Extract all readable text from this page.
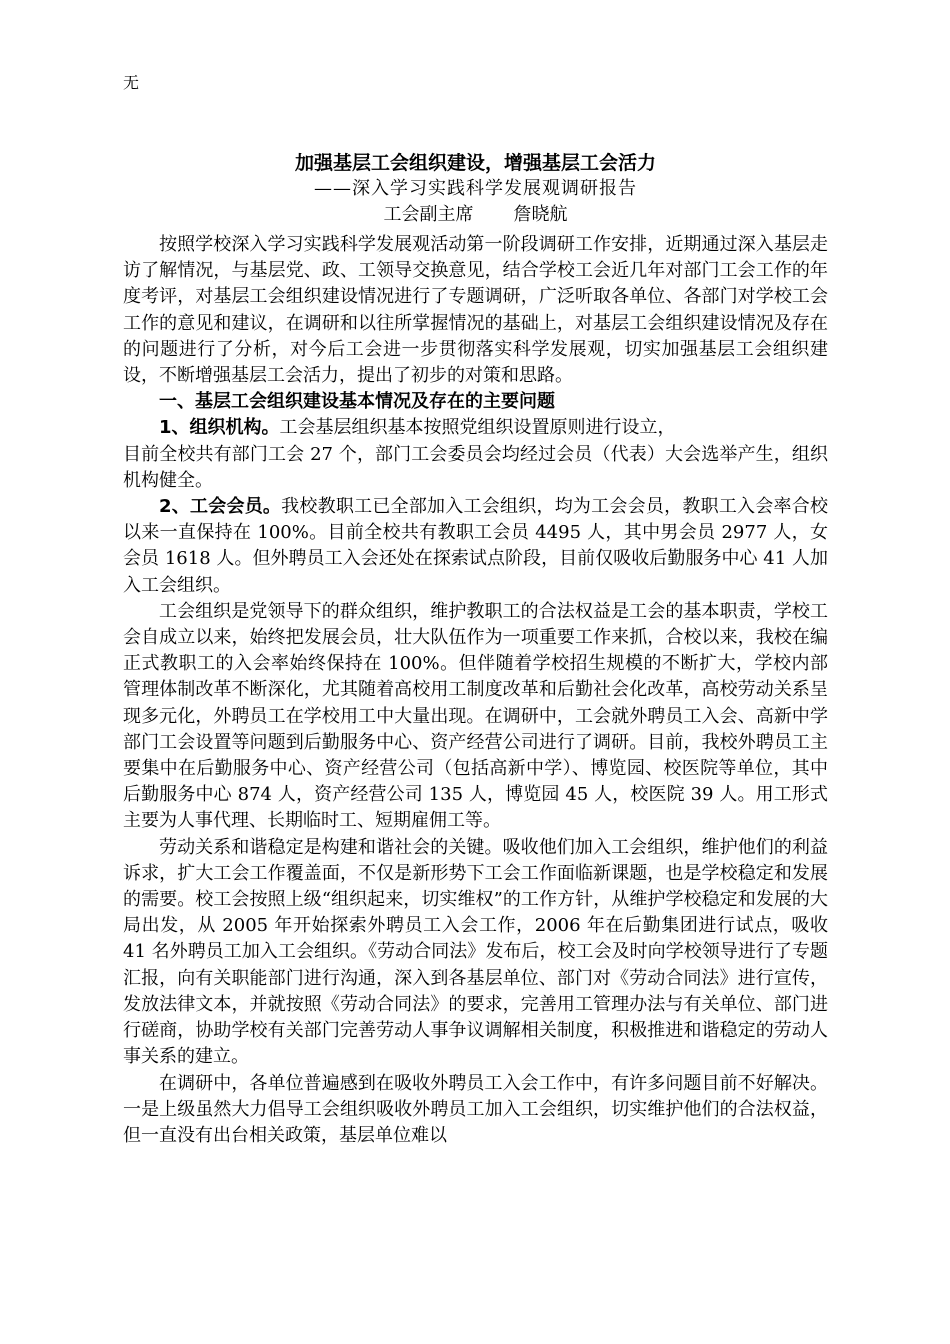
无

加强基层工会组织建设，增强基层工会活力

——深入学习实践科学发展观调研报告

工会副主席 詹晓航

按照学校深入学习实践科学发展观活动第一阶段调研工作安排，近期通过深入基层走访了解情况，与基层党、政、工领导交换意见，结合学校工会近几年对部门工会工作的年度考评，对基层工会组织建设情况进行了专题调研，广泛听取各单位、各部门对学校工会工作的意见和建议，在调研和以往所掌握情况的基础上，对基层工会组织建设情况及存在的问题进行了分析，对今后工会进一步贯彻落实科学发展观，切实加强基层工会组织建设，不断增强基层工会活力，提出了初步的对策和思路。

一、基层工会组织建设基本情况及存在的主要问题

1、组织机构。工会基层组织基本按照党组织设置原则进行设立，

目前全校共有部门工会 27 个，部门工会委员会均经过会员（代表）大会选举产生，组织机构健全。

2、工会会员。我校教职工已全部加入工会组织，均为工会会员，教职工入会率合校以来一直保持在 100%。目前全校共有教职工会员 4495 人，其中男会员 2977 人，女会员 1618 人。但外聘员工入会还处在探索试点阶段，目前仅吸收后勤服务中心 41 人加入工会组织。

工会组织是党领导下的群众组织，维护教职工的合法权益是工会的基本职责，学校工会自成立以来，始终把发展会员，壮大队伍作为一项重要工作来抓，合校以来，我校在编正式教职工的入会率始终保持在 100%。但伴随着学校招生规模的不断扩大，学校内部管理体制改革不断深化，尤其随着高校用工制度改革和后勤社会化改革，高校劳动关系呈现多元化，外聘员工在学校用工中大量出现。在调研中，工会就外聘员工入会、高新中学部门工会设置等问题到后勤服务中心、资产经营公司进行了调研。目前，我校外聘员工主要集中在后勤服务中心、资产经营公司（包括高新中学）、博览园、校医院等单位，其中后勤服务中心 874 人，资产经营公司 135 人，博览园 45 人，校医院 39 人。用工形式主要为人事代理、长期临时工、短期雇佣工等。

劳动关系和谐稳定是构建和谐社会的关键。吸收他们加入工会组织，维护他们的利益诉求，扩大工会工作覆盖面，不仅是新形势下工会工作面临新课题，也是学校稳定和发展的需要。校工会按照上级“组织起来，切实维权”的工作方针，从维护学校稳定和发展的大局出发，从 2005 年开始探索外聘员工入会工作，2006 年在后勤集团进行试点，吸收 41 名外聘员工加入工会组织。《劳动合同法》发布后，校工会及时向学校领导进行了专题汇报，向有关职能部门进行沟通，深入到各基层单位、部门对《劳动合同法》进行宣传，发放法律文本，并就按照《劳动合同法》的要求，完善用工管理办法与有关单位、部门进行磋商，协助学校有关部门完善劳动人事争议调解相关制度，积极推进和谐稳定的劳动人事关系的建立。

在调研中，各单位普遍感到在吸收外聘员工入会工作中，有许多问题目前不好解决。一是上级虽然大力倡导工会组织吸收外聘员工加入工会组织，切实维护他们的合法权益，但一直没有出台相关政策，基层单位难以
